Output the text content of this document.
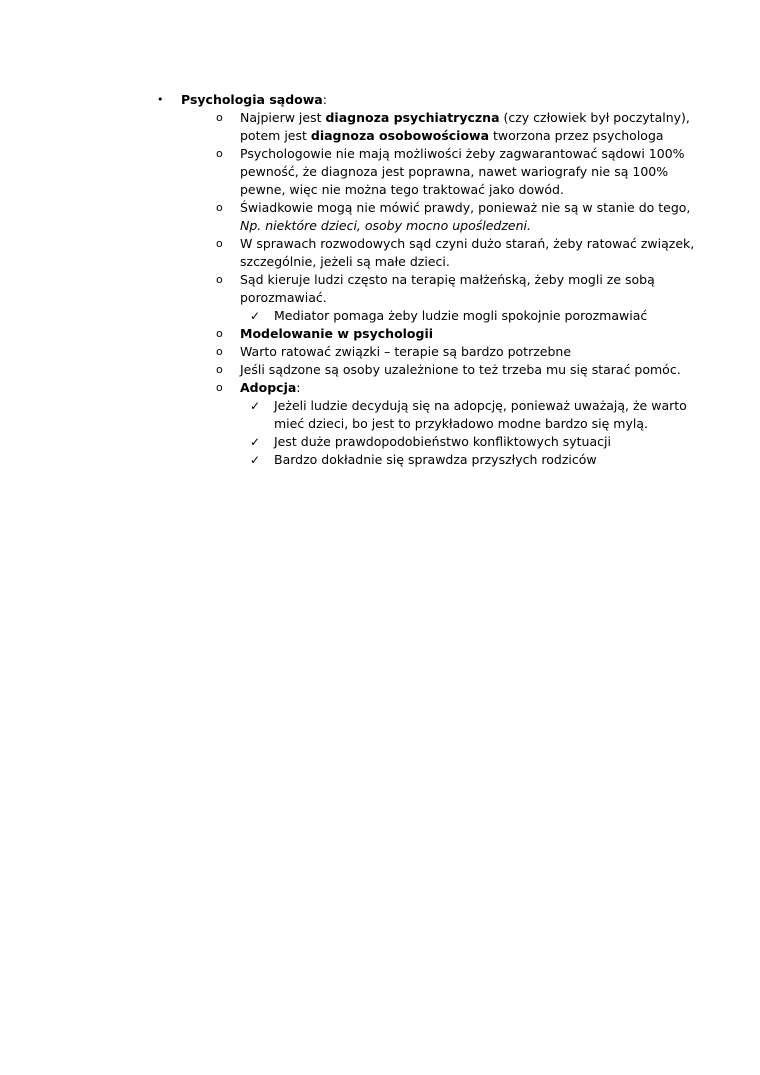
• Psychologia sądowa:
o Najpierw jest diagnoza psychiatryczna (czy człowiek był poczytalny),
potem jest diagnoza osobowościowa tworzona przez psychologa
o Psychologowie nie mają możliwości żeby zagwarantować sądowi 100%
pewność, że diagnoza jest poprawna, nawet wariografy nie są 100%
pewne, więc nie można tego traktować jako dowód.
o Świadkowie mogą nie mówić prawdy, ponieważ nie są w stanie do tego,
Np. niektóre dzieci, osoby mocno upośledzeni.
o W sprawach rozwodowych sąd czyni dużo starań, żeby ratować związek,
szczególnie, jeżeli są małe dzieci.
o Sąd kieruje ludzi często na terapię małżeńską, żeby mogli ze sobą
porozmawiać.
✓ Mediator pomaga żeby ludzie mogli spokojnie porozmawiać
o Modelowanie w psychologii
o Warto ratować związki – terapie są bardzo potrzebne
o Jeśli sądzone są osoby uzależnione to też trzeba mu się starać pomóc.
o Adopcja:
✓ Jeżeli ludzie decydują się na adopcję, ponieważ uważają, że warto
mieć dzieci, bo jest to przykładowo modne bardzo się mylą.
✓ Jest duże prawdopodobieństwo konfliktowych sytuacji
✓ Bardzo dokładnie się sprawdza przyszłych rodziców
